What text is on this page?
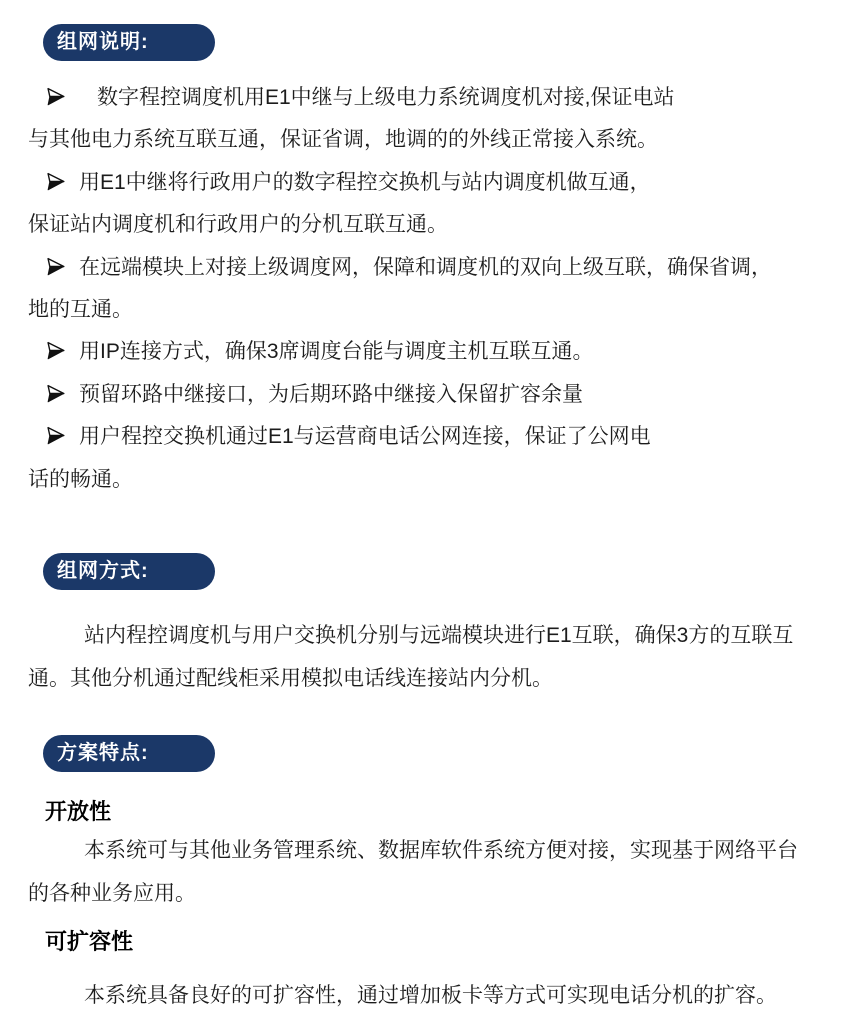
组网说明:
数字程控调度机用E1中继与上级电力系统调度机对接,保证电站
与其他电力系统互联互通，保证省调，地调的的外线正常接入系统。
用E1中继将行政用户的数字程控交换机与站内调度机做互通，
保证站内调度机和行政用户的分机互联互通。
在远端模块上对接上级调度网，保障和调度机的双向上级互联，确保省调，
地的互通。
用IP连接方式，确保3席调度台能与调度主机互联互通。
预留环路中继接口，为后期环路中继接入保留扩容余量
用户程控交换机通过E1与运营商电话公网连接，保证了公网电
话的畅通。
组网方式:
站内程控调度机与用户交换机分别与远端模块进行E1互联，确保3方的互联互
通。其他分机通过配线柜采用模拟电话线连接站内分机。
方案特点:
开放性
本系统可与其他业务管理系统、数据库软件系统方便对接，实现基于网络平台
的各种业务应用。
可扩容性
本系统具备良好的可扩容性，通过增加板卡等方式可实现电话分机的扩容。
